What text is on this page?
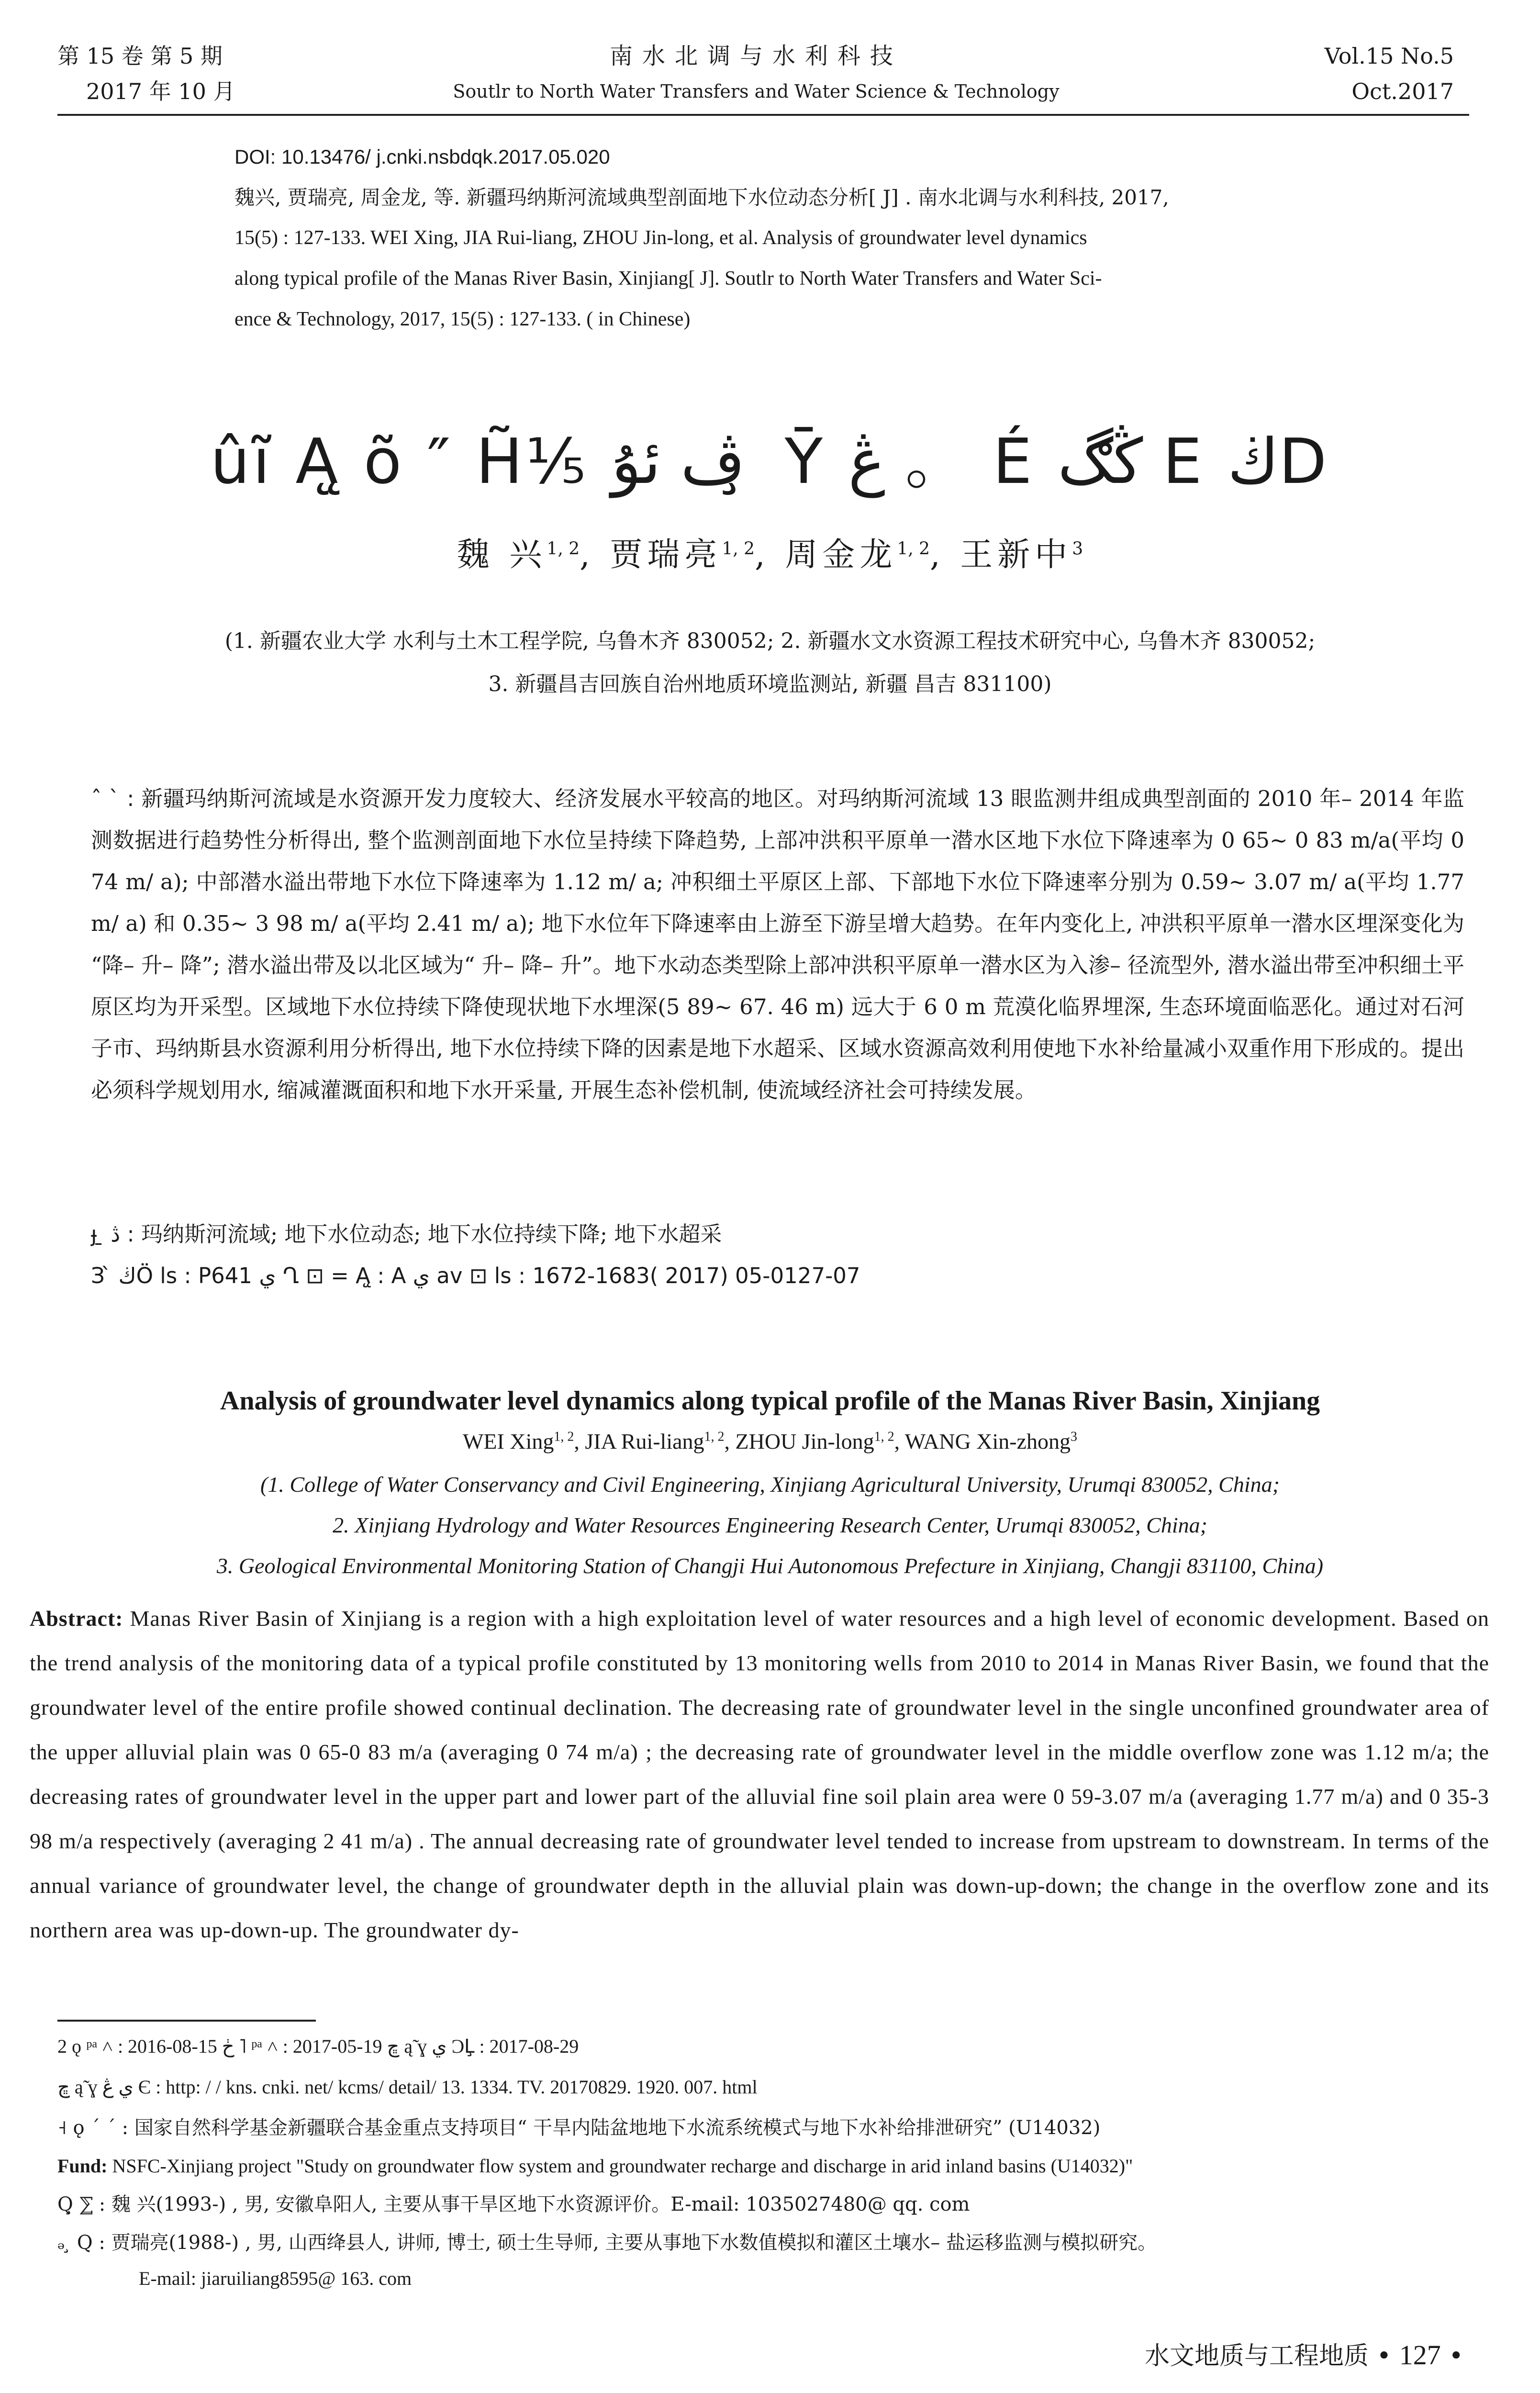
第 15 卷 第 5 期
2017 年 10 月
南水北调与水利科技
Soutlr to North Water Transfers and Water Science & Technology
Vol.15 No.5
Oct.2017
DOI: 10.13476/ j.cnki.nsbdqk.2017.05.020
魏兴, 贾瑞亮, 周金龙, 等. 新疆玛纳斯河流域典型剖面地下水位动态分析[ J] . 南水北调与水利科技, 2017,
15(5) : 127-133. WEI Xing, JIA Rui-liang, ZHOU Jin-long, et al. Analysis of groundwater level dynamics
along typical profile of the Manas River Basin, Xinjiang[ J]. Soutlr to North Water Transfers and Water Sci-
ence & Technology, 2017, 15(5) : 127-133. ( in Chinese)
ûĩ Ą̨ õ ″ H̃⅕ ڤ ئۇ ̧ Ȳ ڠ 。 É ڭڰ E ڬD
魏 兴$^{1, 2}$, 贾瑞亮$^{1, 2}$, 周金龙$^{1, 2}$, 王新中$^3$
(1. 新疆农业大学 水利与土木工程学院, 乌鲁木齐 830052; 2. 新疆水文水资源工程技术研究中心, 乌鲁木齐 830052;
3. 新疆昌吉回族自治州地质环境监测站, 新疆 昌吉 831100)
ˆ ˋ : 新疆玛纳斯河流域是水资源开发力度较大、经济发展水平较高的地区。对玛纳斯河流域 13 眼监测井组成典型剖面的 2010 年– 2014 年监测数据进行趋势性分析得出, 整个监测剖面地下水位呈持续下降趋势, 上部冲洪积平原单一潜水区地下水位下降速率为 0 65~ 0 83 m/a(平均 0 74 m/ a); 中部潜水溢出带地下水位下降速率为 1.12 m/ a; 冲积细土平原区上部、下部地下水位下降速率分别为 0.59~ 3.07 m/ a(平均 1.77 m/ a) 和 0.35~ 3 98 m/ a(平均 2.41 m/ a); 地下水位年下降速率由上游至下游呈增大趋势。在年内变化上, 冲洪积平原单一潜水区埋深变化为 “降– 升– 降”; 潜水溢出带及以北区域为“ 升– 降– 升”。地下水动态类型除上部冲洪积平原单一潜水区为入渗– 径流型外, 潜水溢出带至冲积细土平原区均为开采型。区域地下水位持续下降使现状地下水埋深(5 89~ 67. 46 m) 远大于 6 0 m 荒漠化临界埋深, 生态环境面临恶化。通过对石河子市、玛纳斯县水资源利用分析得出, 地下水位持续下降的因素是地下水超采、区域水资源高效利用使地下水补给量减小双重作用下形成的。提出必须科学规划用水, 缩减灌溉面积和地下水开采量, 开展生态补偿机制, 使流域经济社会可持续发展。
ɟ ̱ ڎ : 玛纳斯河流域; 地下水位动态; 地下水位持续下降; 地下水超采
З ̀ ڬÖ ls : P641 ي Ղ ⊡ = Ą̨ : A ي av ⊡ ls : 1672-1683( 2017) 05-0127-07
Analysis of groundwater level dynamics along typical profile of the Manas River Basin, Xinjiang
WEI Xing$^{1, 2}$, JIA Rui-liang$^{1, 2}$, ZHOU Jin-long$^{1, 2}$, WANG Xin-zhong$^3$
(1. College of Water Conservancy and Civil Engineering, Xinjiang Agricultural University, Urumqi 830052, China;
2. Xinjiang Hydrology and Water Resources Engineering Research Center, Urumqi 830052, China;
3. Geological Environmental Monitoring Station of Changji Hui Autonomous Prefecture in Xinjiang, Changji 831100, China)
Abstract: Manas River Basin of Xinjiang is a region with a high exploitation level of water resources and a high level of economic development. Based on the trend analysis of the monitoring data of a typical profile constituted by 13 monitoring wells from 2010 to 2014 in Manas River Basin, we found that the groundwater level of the entire profile showed continual declination. The decreasing rate of groundwater level in the single unconfined groundwater area of the upper alluvial plain was 0 65-0 83 m/a (averaging 0 74 m/a) ; the decreasing rate of groundwater level in the middle overflow zone was 1.12 m/a; the decreasing rates of groundwater level in the upper part and lower part of the alluvial fine soil plain area were 0 59-3.07 m/a (averaging 1.77 m/a) and 0 35-3 98 m/a respectively (averaging 2 41 m/a) . The annual decreasing rate of groundwater level tended to increase from upstream to downstream. In terms of the annual variance of groundwater level, the change of groundwater depth in the alluvial plain was down-up-down; the change in the overflow zone and its northern area was up-down-up. The groundwater dy-
2 ǫ ᵖᵃ ˄ : 2016-08-15 ڂ ˥ ᵖᵃ ˄ : 2017-05-19 ڇ ą̃ ɣ ي ƆԼ̧ : 2017-08-29
ڇ ą̃ ɣ ي ڠ Є : http: / / kns. cnki. net/ kcms/ detail/ 13. 1334. TV. 20170829. 1920. 007. html
˧ ǫ ˊ ˊ : 国家自然科学基金新疆联合基金重点支持项目“ 干旱内陆盆地地下水流系统模式与地下水补给排泄研究” (U14032)
Fund: NSFC-Xinjiang project "Study on groundwater flow system and groundwater recharge and discharge in arid inland basins (U14032)"
Q̧ ⅀ : 魏 兴(1993-) , 男, 安徽阜阳人, 主要从事干旱区地下水资源评价。E-mail: 1035027480@ qq. com
ₔ ̧ Q : 贾瑞亮(1988-) , 男, 山西绛县人, 讲师, 博士, 硕士生导师, 主要从事地下水数值模拟和灌区土壤水– 盐运移监测与模拟研究。
E-mail: jiaruiliang8595@ 163. com
水文地质与工程地质 • 127 •
